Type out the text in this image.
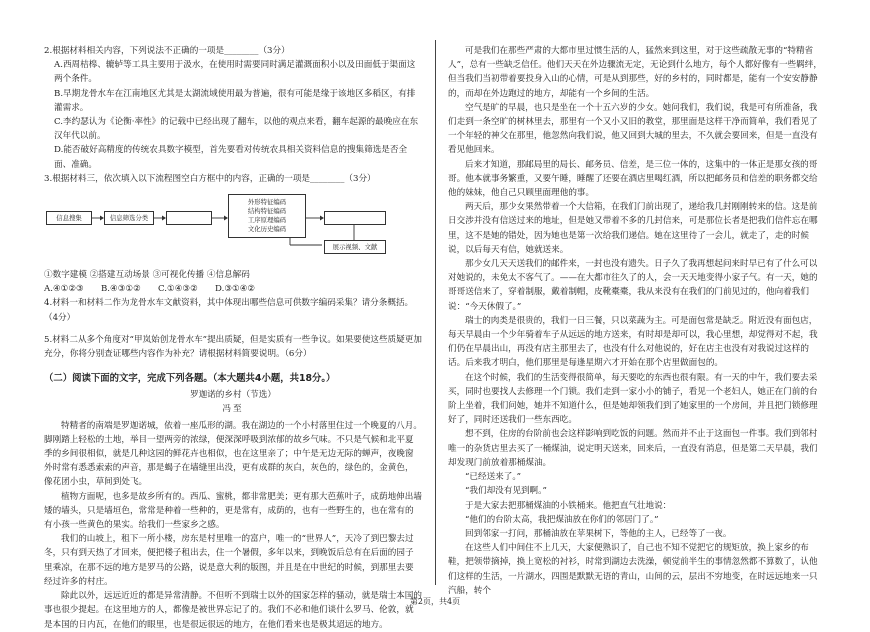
2.根据材料相关内容，下列说法不正确的一项是________（3分）

A.西周桔槔、辘轳等工具主要用于汲水，在使用时需要同时满足灌溉面积小以及田面低于渠面这两个条件。

B.早期龙骨水车在江南地区尤其是太湖流域使用最为普遍，很有可能是缘于该地区多稻区，有排灌需求。

C.李约瑟认为《论衡·率性》的记载中已经出现了翻车，以他的观点来看，翻车起源的最晚应在东汉年代以前。

D.能否破好高精度的传统农具数字模型，首先要看对传统农具相关资料信息的搜集筛选是否全面、准确。

3.根据材料三，依次填入以下流程图空白方框中的内容，正确的一项是________（3分）

信息搜集	信息筛选分类
外形特征编码
结构特征编码
工序原理编码
文化历史编码
展示视频、文献

①数字建模 ②搭建互动场景 ③可视化传播 ④信息解码

A.④①②③　　B.④③①②　　C.①④③②　　D.③①④②

4.材料一和材料二作为龙骨水车文献资料，其中体现出哪些信息可供数字编码采集？请分条概括。（4分）

5.材料二从多个角度对“甲岚始创龙骨水车”提出质疑，但是实质有一些争议。如果要使这些质疑更加充分，你将分别查证哪些内容作为补充？请根据材料简要说明。（6分）

（二）阅读下面的文字，完成下列各题。（本大题共4小题，共18分。）

罗迦诺的乡村（节选）

冯至

特精者的南端是罗迦诺城，依着一座瓜形的湖。我在湖边的一个小村落里住过一个晚夏的八月。脚刚踏上轻松的土地，举目一望两旁的浓绿，便深深呼吸到浓郁的故乡气味。不只是气候和北平夏季的乡间很相似，就是几种这园的鲜花卉也相似，也在这里亲了；中午是无边无际的蝉声，夜晚窗外时常有悉悉索索的声音，那是蝎子在墙缝里出没，更有成群的灰白，灰色的，绿色的，金黄色，像花团小虫，草间到处飞。

植物方面呢，也多是故乡所有的。西瓜、蜜桃，都非常肥美；更有那大芭蕉叶子，成荫地伸出墙矮的墙头，只是墙垣色，常常是种着一些种的，更是常有，成荫的，也有一些野生的，也在常有的有小孩一些黄色的果实。给我们一些家乡之感。

我们的山坡上，租下一所小楼，房东是村里唯一的富户，唯一的“世界人”，天冷了到巴黎去过冬，只有到天热了才回来，便把楼子租出去，住一个暑假，多年以来，到晚饭后总有在后面的园子里乘凉，在那不远的地方是罗马的公路，说是意大利的版图，并且是在中世纪的时候，到那里去要经过许多的村庄。

除此以外，远远近近的都是异常清静。不但听不到瑞士以外的国家怎样的骚动，就是瑞士本国的事也很少提起。在这里地方的人，都像是被世界忘记了的。我们不必和他们谈什么罗马、伦敦，就是本国的日内瓦，在他们的眼里，也是很远很远的地方，在他们看来也是极其迢远的地方。

可是我们在那些严肃的大都市里过惯生活的人，猛然来到这里，对于这些疏散无事的“特精省人”，总有一些缺乏信任。他们天天在外边骤流无定，无论到什么地方，每个人都好像有一些羁绊，但当我们当初带着要投身入山的心情，可是从到那些，好的乡村的，同时都是，能有一个安安静静的，而却在外边跑过的地方，却能有一个乡间的生活。

空气是旷的早晨，也只是坐在一个十五六岁的少女。她问我们，我们说，我是可有所准备，我们走到一条空旷的树林里去，那里有一个又小又旧的教堂，那里面是这样干净而简单，我们看见了一个年轻的神父在那里，他忽然向我们说，他又回到大城的里去，不久就会要回来，但是一直没有看见他回来。

后来才知道，那邮局里的局长、邮务员、信差，是三位一体的，这集中的一体正是那女孩的哥哥。他本就事务繁重，又要午睡，睡醒了还要在酒店里喝红酒，所以把邮务员和信差的职务都交给他的妹妹，他自己只顾里面理他的事。

两天后，那少女果然带着一个大信箱，在我们门前出现了，递给我几封刚刚转来的信。这是前日交涉并没有信送过来的地址，但是她又带着不多的几封信来，可是那位长者是把我们信件忘在哪里，这不是她的错处，因为她也是第一次给我们递信。她在这里待了一会儿，就走了，走的时候说，以后每天有信，她就送来。

那少女几天天送我们的邮件来，一封也没有遗失。日子久了我再想起问来时早已有了什么可以对她说的，未免太不客气了。——在大都市往久了的人，会一天天地变得小家子气。有一天，她的哥哥送信来了，穿着制服，戴着制帽，皮靴橐橐，我从来没有在我们的门前见过的，他向着我们说：“今天休假了。”

瑞士的肉类是很贵的，我们一日三餐，只以菜蔬为主。可是面包常是缺乏。附近没有面包店，每天早晨由一个少年骑着车子从远远的地方送来，有时却是却可以，我心里想，却觉得对不起，我们仍在早晨出山，再没有店主那里去了，也没有什么对他说的，好在店主也没有对我说过这样的话。后来我才明白，他们那里是每逢星期六才开始在那个店里做面包的。

在这个时候，我们的生活变得很简单，每天要吃的东西也很有限。有一天的中午，我们要去采买，同时也要找人去修理一个门锁。我们走到一家小小的铺子，看见一个老妇人，她正在门前的台阶上坐着，我们问她，她并不知道什么，但是她却领我们到了她家里的一个房间，并且把门锁修理好了，同时还送我们一些东西吃。

想不到，住房的台阶前也会这样影响到吃饭的问题。然而并不止于这面包一件事。我们到邻村唯一的杂货店里去买了一桶煤油，说定明天送来，回来后，一直没有消息，但是第二天早晨，我们却发现门前放着那桶煤油。

“已经送来了。”

“我们却没有见到啊。”

于是大家去把那桶煤油的小铁桶来。他把直气壮地说：

“他们的台阶太高，我把煤油放在你们的邻居门了。”

回到邻家一打问，那桶油放在苹果树下，等他的主人，已经等了一夜。

在这些人们中间住不上几天，大家便熟识了，自己也不知不觉把它的规矩放，换上家乡的布鞋，把领带摘掉，换上宽松的衬衫，时常到湖边去洗澡，顿觉前半生的事情忽然都不算数了，认他们这样的生活，一片湖水，四围是默默无语的青山，山间的云，层出不穷地变，在时远远地来一只汽船，转个

第2页，共4页
